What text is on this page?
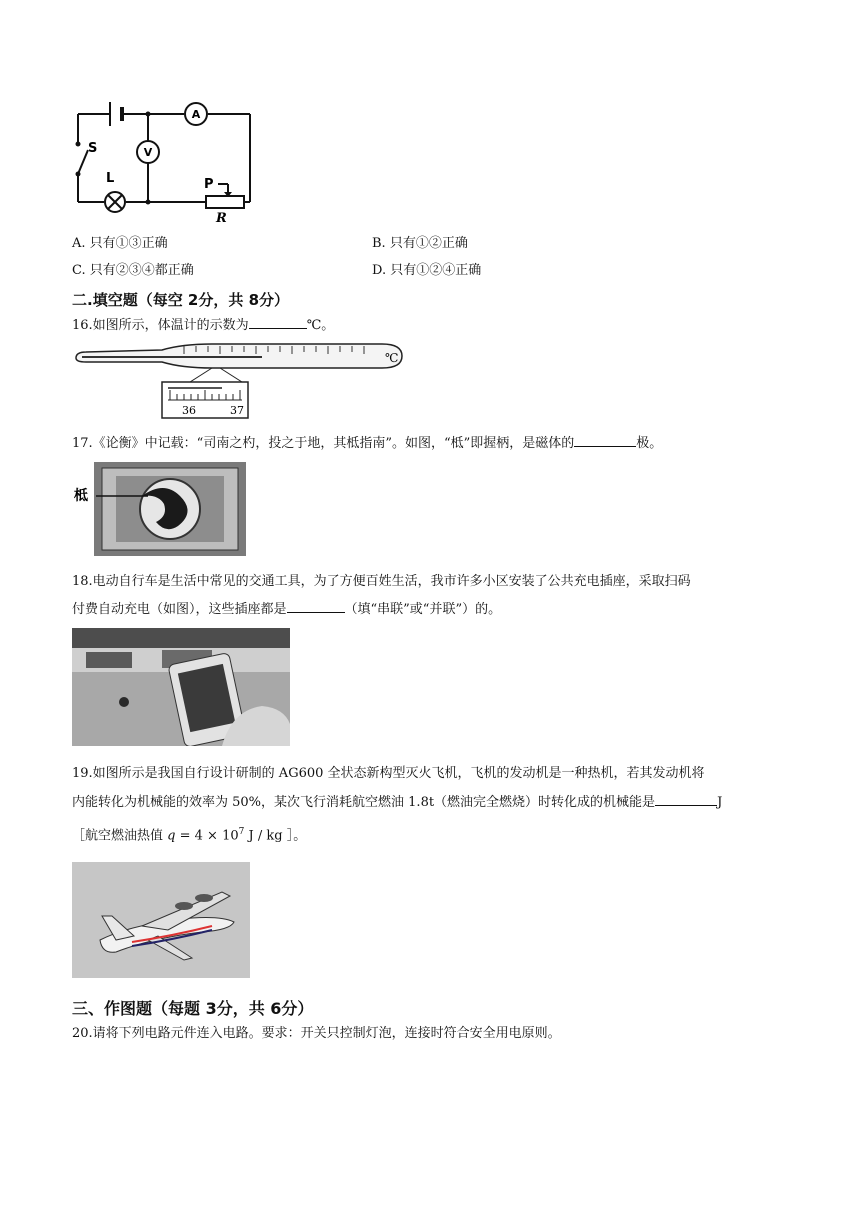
A
V
S
L	P
R
A. 只有①③正确	B. 只有①②正确
C. 只有②③④都正确	D. 只有①②④正确
二.填空题（每空 2分，共 8分）
16.如图所示，体温计的示数为	℃。
℃
36	37
17.《论衡》中记载：“司南之杓，投之于地，其柢指南”。如图，“柢”即握柄，是磁体的	极。
柢
18.电动自行车是生活中常见的交通工具，为了方便百姓生活，我市许多小区安装了公共充电插座，采取扫码
付费自动充电（如图），这些插座都是	（填“串联”或“并联”）的。
19.如图所示是我国自行设计研制的 AG600 全状态新构型灭火飞机，飞机的发动机是一种热机，若其发动机将
内能转化为机械能的效率为 50%，某次飞行消耗航空燃油 1.8t（燃油完全燃烧）时转化成的机械能是	J
［航空燃油热值 $q = 4 \times 10^7$ J / kg ］。
三、作图题（每题 3分，共 6分）
20.请将下列电路元件连入电路。要求：开关只控制灯泡，连接时符合安全用电原则。
